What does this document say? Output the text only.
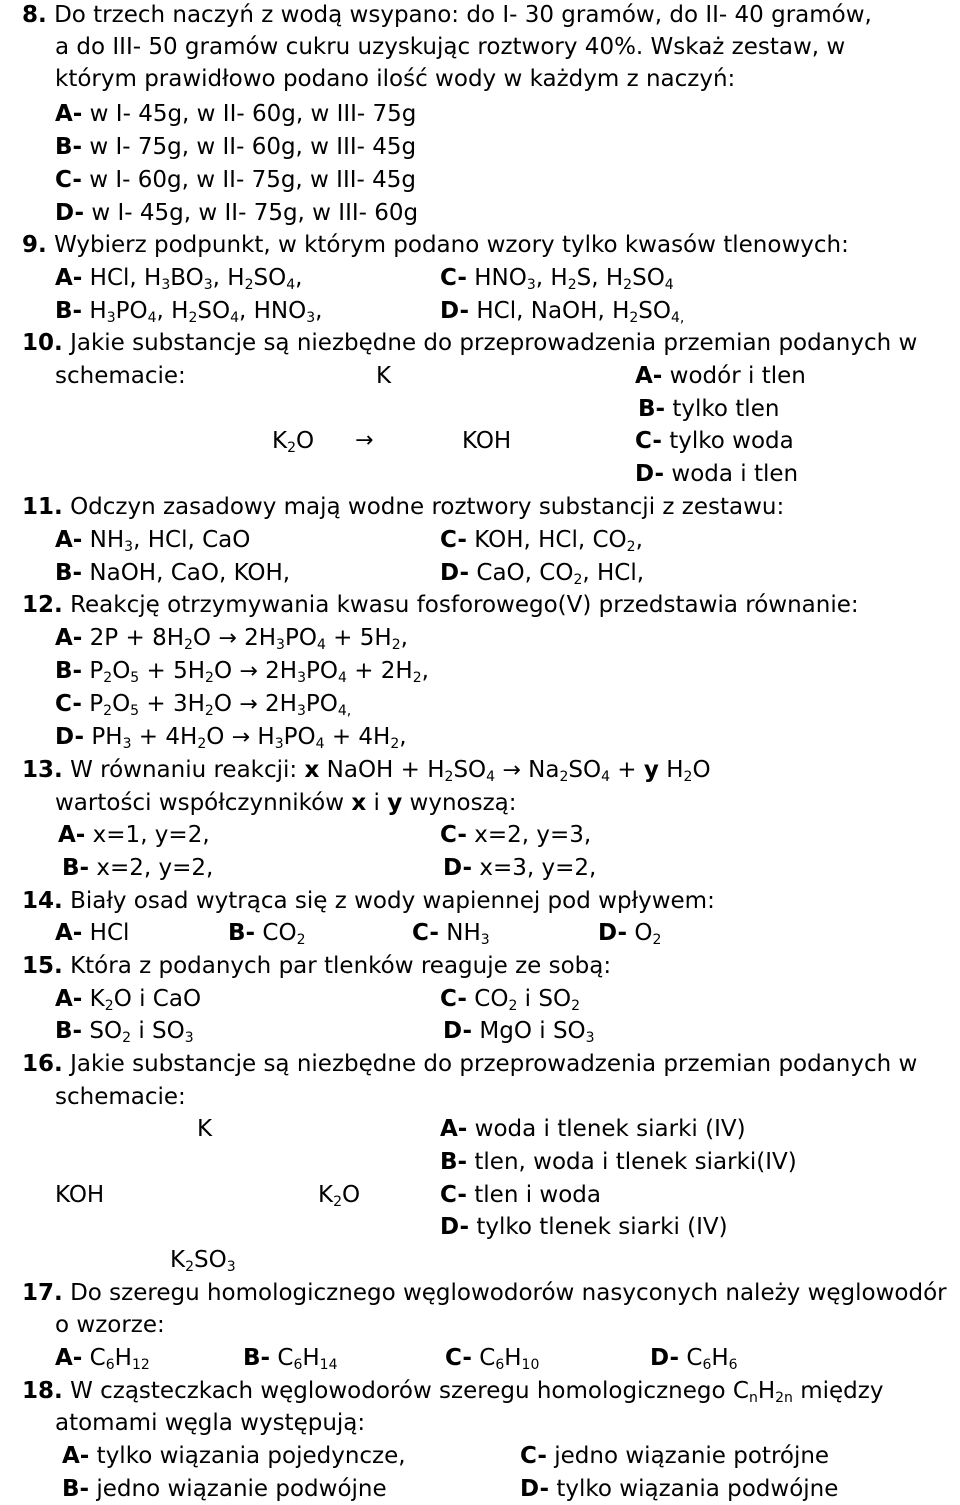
8. Do trzech naczyń z wodą wsypano: do I- 30 gramów, do II- 40 gramów,
a do III- 50 gramów cukru uzyskując roztwory 40%. Wskaż zestaw, w
którym prawidłowo podano ilość wody w każdym z naczyń:
A- w I- 45g, w II- 60g, w III- 75g
B- w I- 75g, w II- 60g, w III- 45g
C- w I- 60g, w II- 75g, w III- 45g
D- w I- 45g, w II- 75g, w III- 60g
9. Wybierz podpunkt, w którym podano wzory tylko kwasów tlenowych:
A- HCl, $H_3BO_3$, $H_2SO_4$,	C- $HNO_3$, $H_2S$, $H_2SO_4$
B- $H_3PO_4$, $H_2SO_4$, $HNO_3$,	D- HCl, NaOH, $H_2SO_{4,}$
10. Jakie substancje są niezbędne do przeprowadzenia przemian podanych w
schemacie:	K	A- wodór i tlen
B- tylko tlen
$K_2O$ →	KOH	C- tylko woda
D- woda i tlen
11. Odczyn zasadowy mają wodne roztwory substancji z zestawu:
A- $NH_3$, HCl, CaO	C- KOH, HCl, $CO_2$,
B- NaOH, CaO, KOH,	D- CaO, $CO_2$, HCl,
12. Reakcję otrzymywania kwasu fosforowego(V) przedstawia równanie:
A- $2P + 8H_2O \to 2H_3PO_4 + 5H_2$,
B- $P_2O_5 + 5H_2O \to 2H_3PO_4 + 2H_2$,
C- $P_2O_5 + 3H_2O \to 2H_3PO_{4,}$
D- $PH_3 + 4H_2O \to H_3PO_4 + 4H_2$,
13. W równaniu reakcji: x NaOH + $H_2SO_4 \to Na_2SO_4 + y$ $H_2O$
wartości współczynników x i y wynoszą:
A- x=1, y=2,	C- x=2, y=3,
B- x=2, y=2,	D- x=3, y=2,
14. Biały osad wytrąca się z wody wapiennej pod wpływem:
A- HCl	B- $CO_2$	C- $NH_3$	D- $O_2$
15. Która z podanych par tlenków reaguje ze sobą:
A- $K_2O$ i CaO	C- $CO_2$ i $SO_2$
B- $SO_2$ i $SO_3$	D- MgO i $SO_3$
16. Jakie substancje są niezbędne do przeprowadzenia przemian podanych w
schemacie:
K	A- woda i tlenek siarki (IV)
B- tlen, woda i tlenek siarki(IV)
KOH	$K_2O$	C- tlen i woda
D- tylko tlenek siarki (IV)
$K_2SO_3$
17. Do szeregu homologicznego węglowodorów nasyconych należy węglowodór
o wzorze:
A- $C_6H_{12}$	B- $C_6H_{14}$	C- $C_6H_{10}$	D- $C_6H_6$
18. W cząsteczkach węglowodorów szeregu homologicznego $C_nH_{2n}$ między
atomami węgla występują:
A- tylko wiązania pojedyncze,	C- jedno wiązanie potrójne
B- jedno wiązanie podwójne	D- tylko wiązania podwójne
